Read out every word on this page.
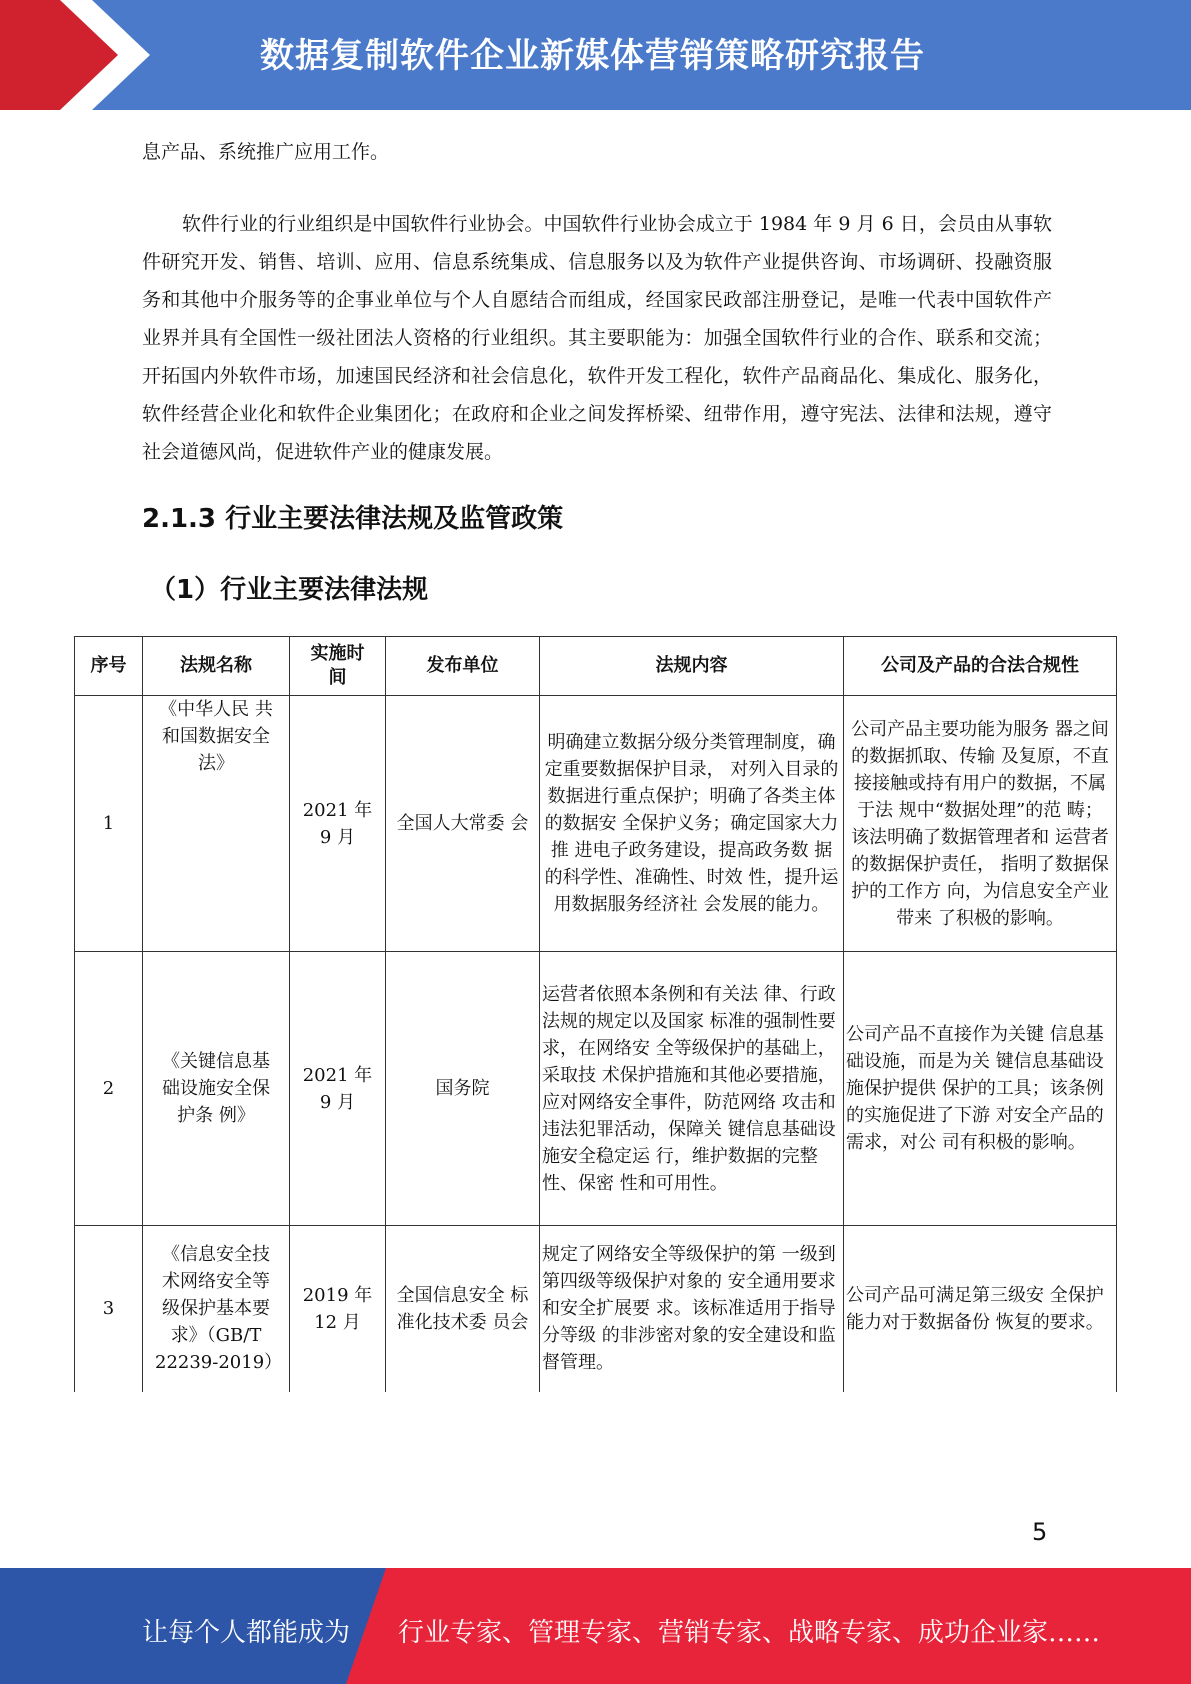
数据复制软件企业新媒体营销策略研究报告
息产品、系统推广应用工作。
软件行业的行业组织是中国软件行业协会。中国软件行业协会成立于 1984 年 9 月 6 日，会员由从事软件研究开发、销售、培训、应用、信息系统集成、信息服务以及为软件产业提供咨询、市场调研、投融资服务和其他中介服务等的企事业单位与个人自愿结合而组成，经国家民政部注册登记，是唯一代表中国软件产业界并具有全国性一级社团法人资格的行业组织。其主要职能为：加强全国软件行业的合作、联系和交流；开拓国内外软件市场，加速国民经济和社会信息化，软件开发工程化，软件产品商品化、集成化、服务化，软件经营企业化和软件企业集团化；在政府和企业之间发挥桥梁、纽带作用，遵守宪法、法律和法规，遵守社会道德风尚，促进软件产业的健康发展。
2.1.3 行业主要法律法规及监管政策
（1）行业主要法律法规
序号	法规名称	实施时间	发布单位	法规内容	公司及产品的合法合规性
1	《中华人民 共和国数据安全法》	2021 年 9 月	全国人大常委 会	明确建立数据分级分类管理制度，确定重要数据保护目录， 对列入目录的数据进行重点保护；明确了各类主体的数据安 全保护义务；确定国家大力推 进电子政务建设，提高政务数 据的科学性、准确性、时效 性，提升运用数据服务经济社 会发展的能力。	公司产品主要功能为服务 器之间的数据抓取、传输 及复原，不直接接触或持有用户的数据，不属于法 规中“数据处理”的范 畴； 该法明确了数据管理者和 运营者的数据保护责任， 指明了数据保护的工作方 向，为信息安全产业带来 了积极的影响。
2	《关键信息基础设施安全保护条 例》	2021 年 9 月	国务院	运营者依照本条例和有关法 律、行政法规的规定以及国家 标准的强制性要求，在网络安 全等级保护的基础上，采取技 术保护措施和其他必要措施， 应对网络安全事件，防范网络 攻击和违法犯罪活动，保障关 键信息基础设施安全稳定运 行，维护数据的完整性、保密 性和可用性。	公司产品不直接作为关键 信息基础设施，而是为关 键信息基础设施保护提供 保护的工具；该条例的实施促进了下游 对安全产品的需求，对公 司有积极的影响。
3	《信息安全技术网络安全等级保护基本要求》（GB/T 22239-2019）	2019 年 12 月	全国信息安全 标准化技术委 员会	规定了网络安全等级保护的第 一级到第四级等级保护对象的 安全通用要求和安全扩展要 求。该标准适用于指导分等级 的非涉密对象的安全建设和监 督管理。	公司产品可满足第三级安 全保护能力对于数据备份 恢复的要求。
5
让每个人都能成为 行业专家、管理专家、营销专家、战略专家、成功企业家……
